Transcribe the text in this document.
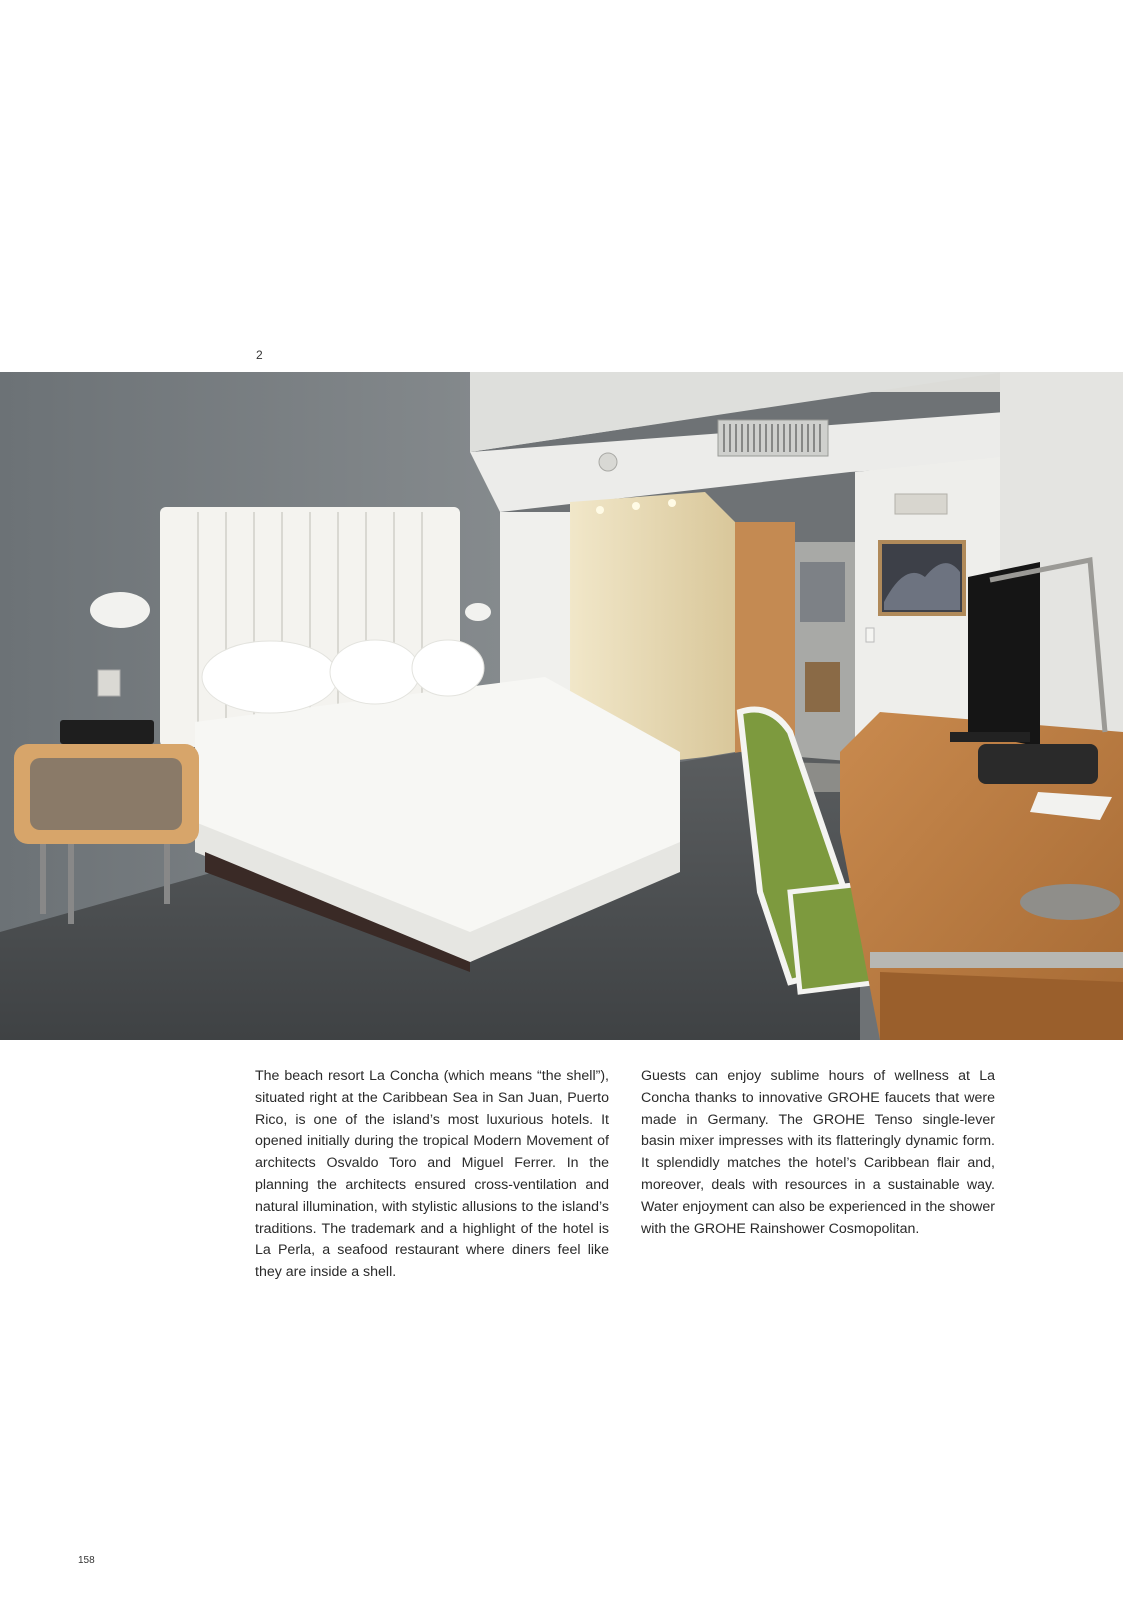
2

The beach resort La Concha (which means “the shell”), situated right at the Caribbean Sea in San Juan, Puerto Rico, is one of the island’s most luxurious hotels. It opened initially during the tropical Modern Movement of architects Osvaldo Toro and Miguel Ferrer. In the planning the architects ensured cross-ventilation and natural illumination, with stylistic allusions to the island’s traditions. The trademark and a highlight of the hotel is La Perla, a seafood restaurant where diners feel like they are inside a shell.

Guests can enjoy sublime hours of wellness at La Concha thanks to innovative GROHE faucets that were made in Germany. The GROHE Tenso single-lever basin mixer impresses with its flatteringly dynamic form. It splendidly matches the hotel’s Caribbean flair and, moreover, deals with resources in a sustainable way. Water enjoyment can also be experienced in the shower with the GROHE Rainshower Cosmopolitan.

158
